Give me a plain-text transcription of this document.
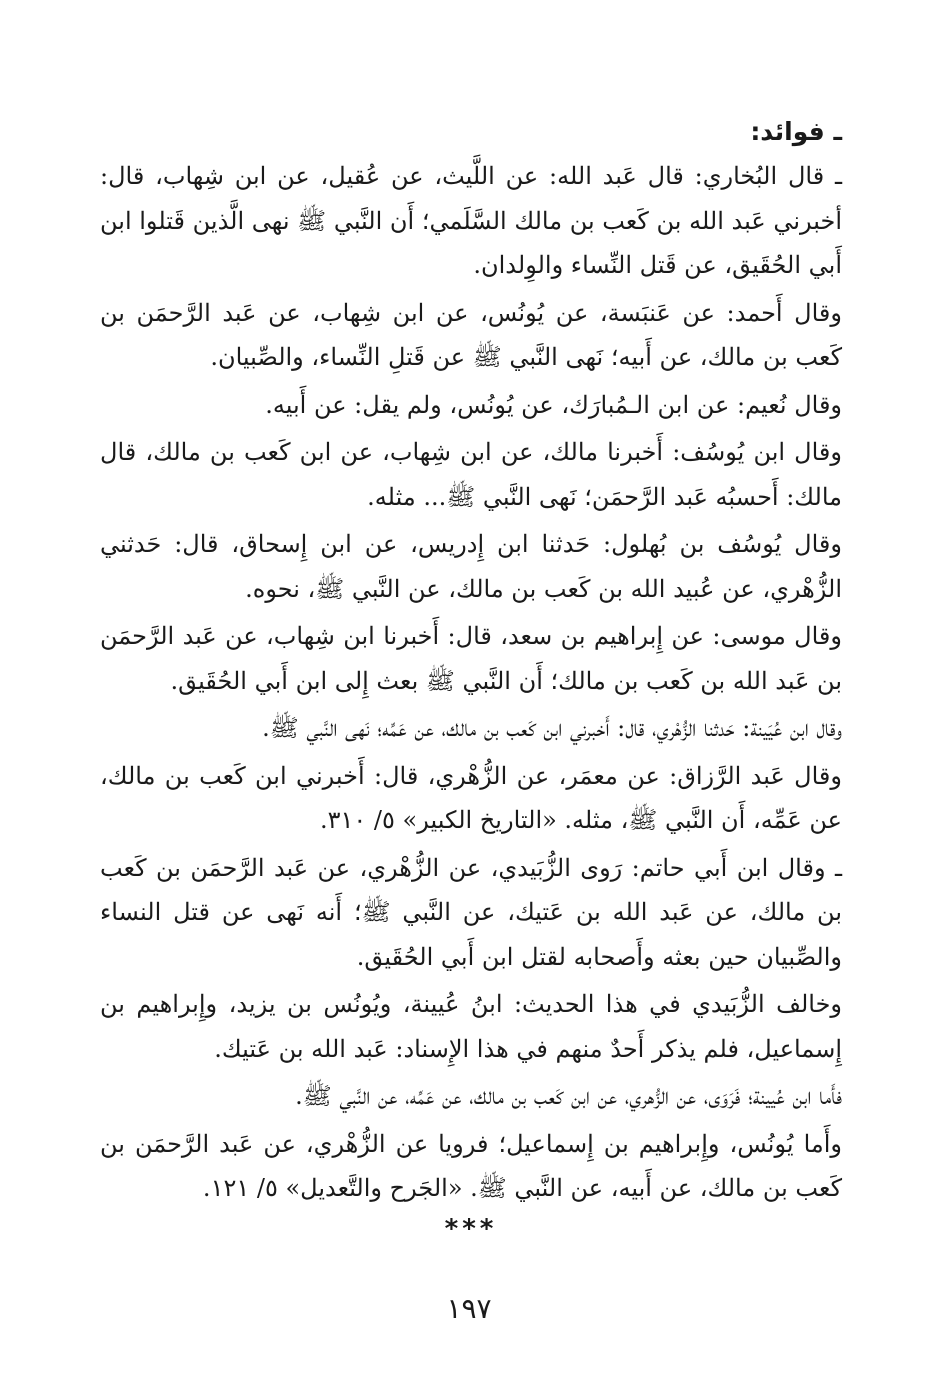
ـ فوائد:
ـ قال البُخاري: قال عَبد الله: عن اللَّيث، عن عُقيل، عن ابن شِهاب، قال: أخبرني عَبد الله بن كَعب بن مالك السَّلَمي؛ أَن النَّبي ﷺ نهى الَّذين قَتلوا ابن أَبي الحُقَيق، عن قَتل النِّساء والوِلدان.
وقال أَحمد: عن عَنبَسة، عن يُونُس، عن ابن شِهاب، عن عَبد الرَّحمَن بن كَعب بن مالك، عن أَبيه؛ نَهى النَّبي ﷺ عن قَتلِ النِّساء، والصِّبيان.
وقال نُعيم: عن ابن الـمُبارَك، عن يُونُس، ولم يقل: عن أَبيه.
وقال ابن يُوسُف: أَخبرنا مالك، عن ابن شِهاب، عن ابن كَعب بن مالك، قال مالك: أَحسبُه عَبد الرَّحمَن؛ نَهى النَّبي ﷺ... مثله.
وقال يُوسُف بن بُهلول: حَدثنا ابن إِدريس، عن ابن إِسحاق، قال: حَدثني الزُّهْري، عن عُبيد الله بن كَعب بن مالك، عن النَّبي ﷺ، نحوه.
وقال موسى: عن إِبراهيم بن سعد، قال: أَخبرنا ابن شِهاب، عن عَبد الرَّحمَن بن عَبد الله بن كَعب بن مالك؛ أَن النَّبي ﷺ بعث إِلى ابن أَبي الحُقَيق.
وقال ابن عُيَينة: حَدثنا الزُّهْري، قال: أَخبرني ابن كَعب بن مالك، عن عَمِّه؛ نَهى النَّبي ﷺ.
وقال عَبد الرَّزاق: عن معمَر، عن الزُّهْري، قال: أَخبرني ابن كَعب بن مالك، عن عَمِّه، أَن النَّبي ﷺ، مثله. «التاريخ الكبير» ٥/ ٣١٠.
ـ وقال ابن أَبي حاتم: رَوى الزُّبَيدي، عن الزُّهْري، عن عَبد الرَّحمَن بن كَعب بن مالك، عن عَبد الله بن عَتيك، عن النَّبي ﷺ؛ أَنه نَهى عن قتل النساء والصِّبيان حين بعثه وأَصحابه لقتل ابن أَبي الحُقَيق.
وخالف الزُّبَيدي في هذا الحديث: ابنُ عُيينة، ويُونُس بن يزيد، وإِبراهيم بن إِسماعيل، فلم يذكر أَحدٌ منهم في هذا الإِسناد: عَبد الله بن عَتيك.
فأَما ابن عُيينة؛ فَرَوَى، عن الزُّهري، عن ابن كَعب بن مالك، عن عَمِّه، عن النَّبي ﷺ.
وأَما يُونُس، وإِبراهيم بن إِسماعيل؛ فرويا عن الزُّهْري، عن عَبد الرَّحمَن بن كَعب بن مالك، عن أَبيه، عن النَّبي ﷺ. «الجَرح والتَّعديل» ٥/ ١٢١.
***
١٩٧
